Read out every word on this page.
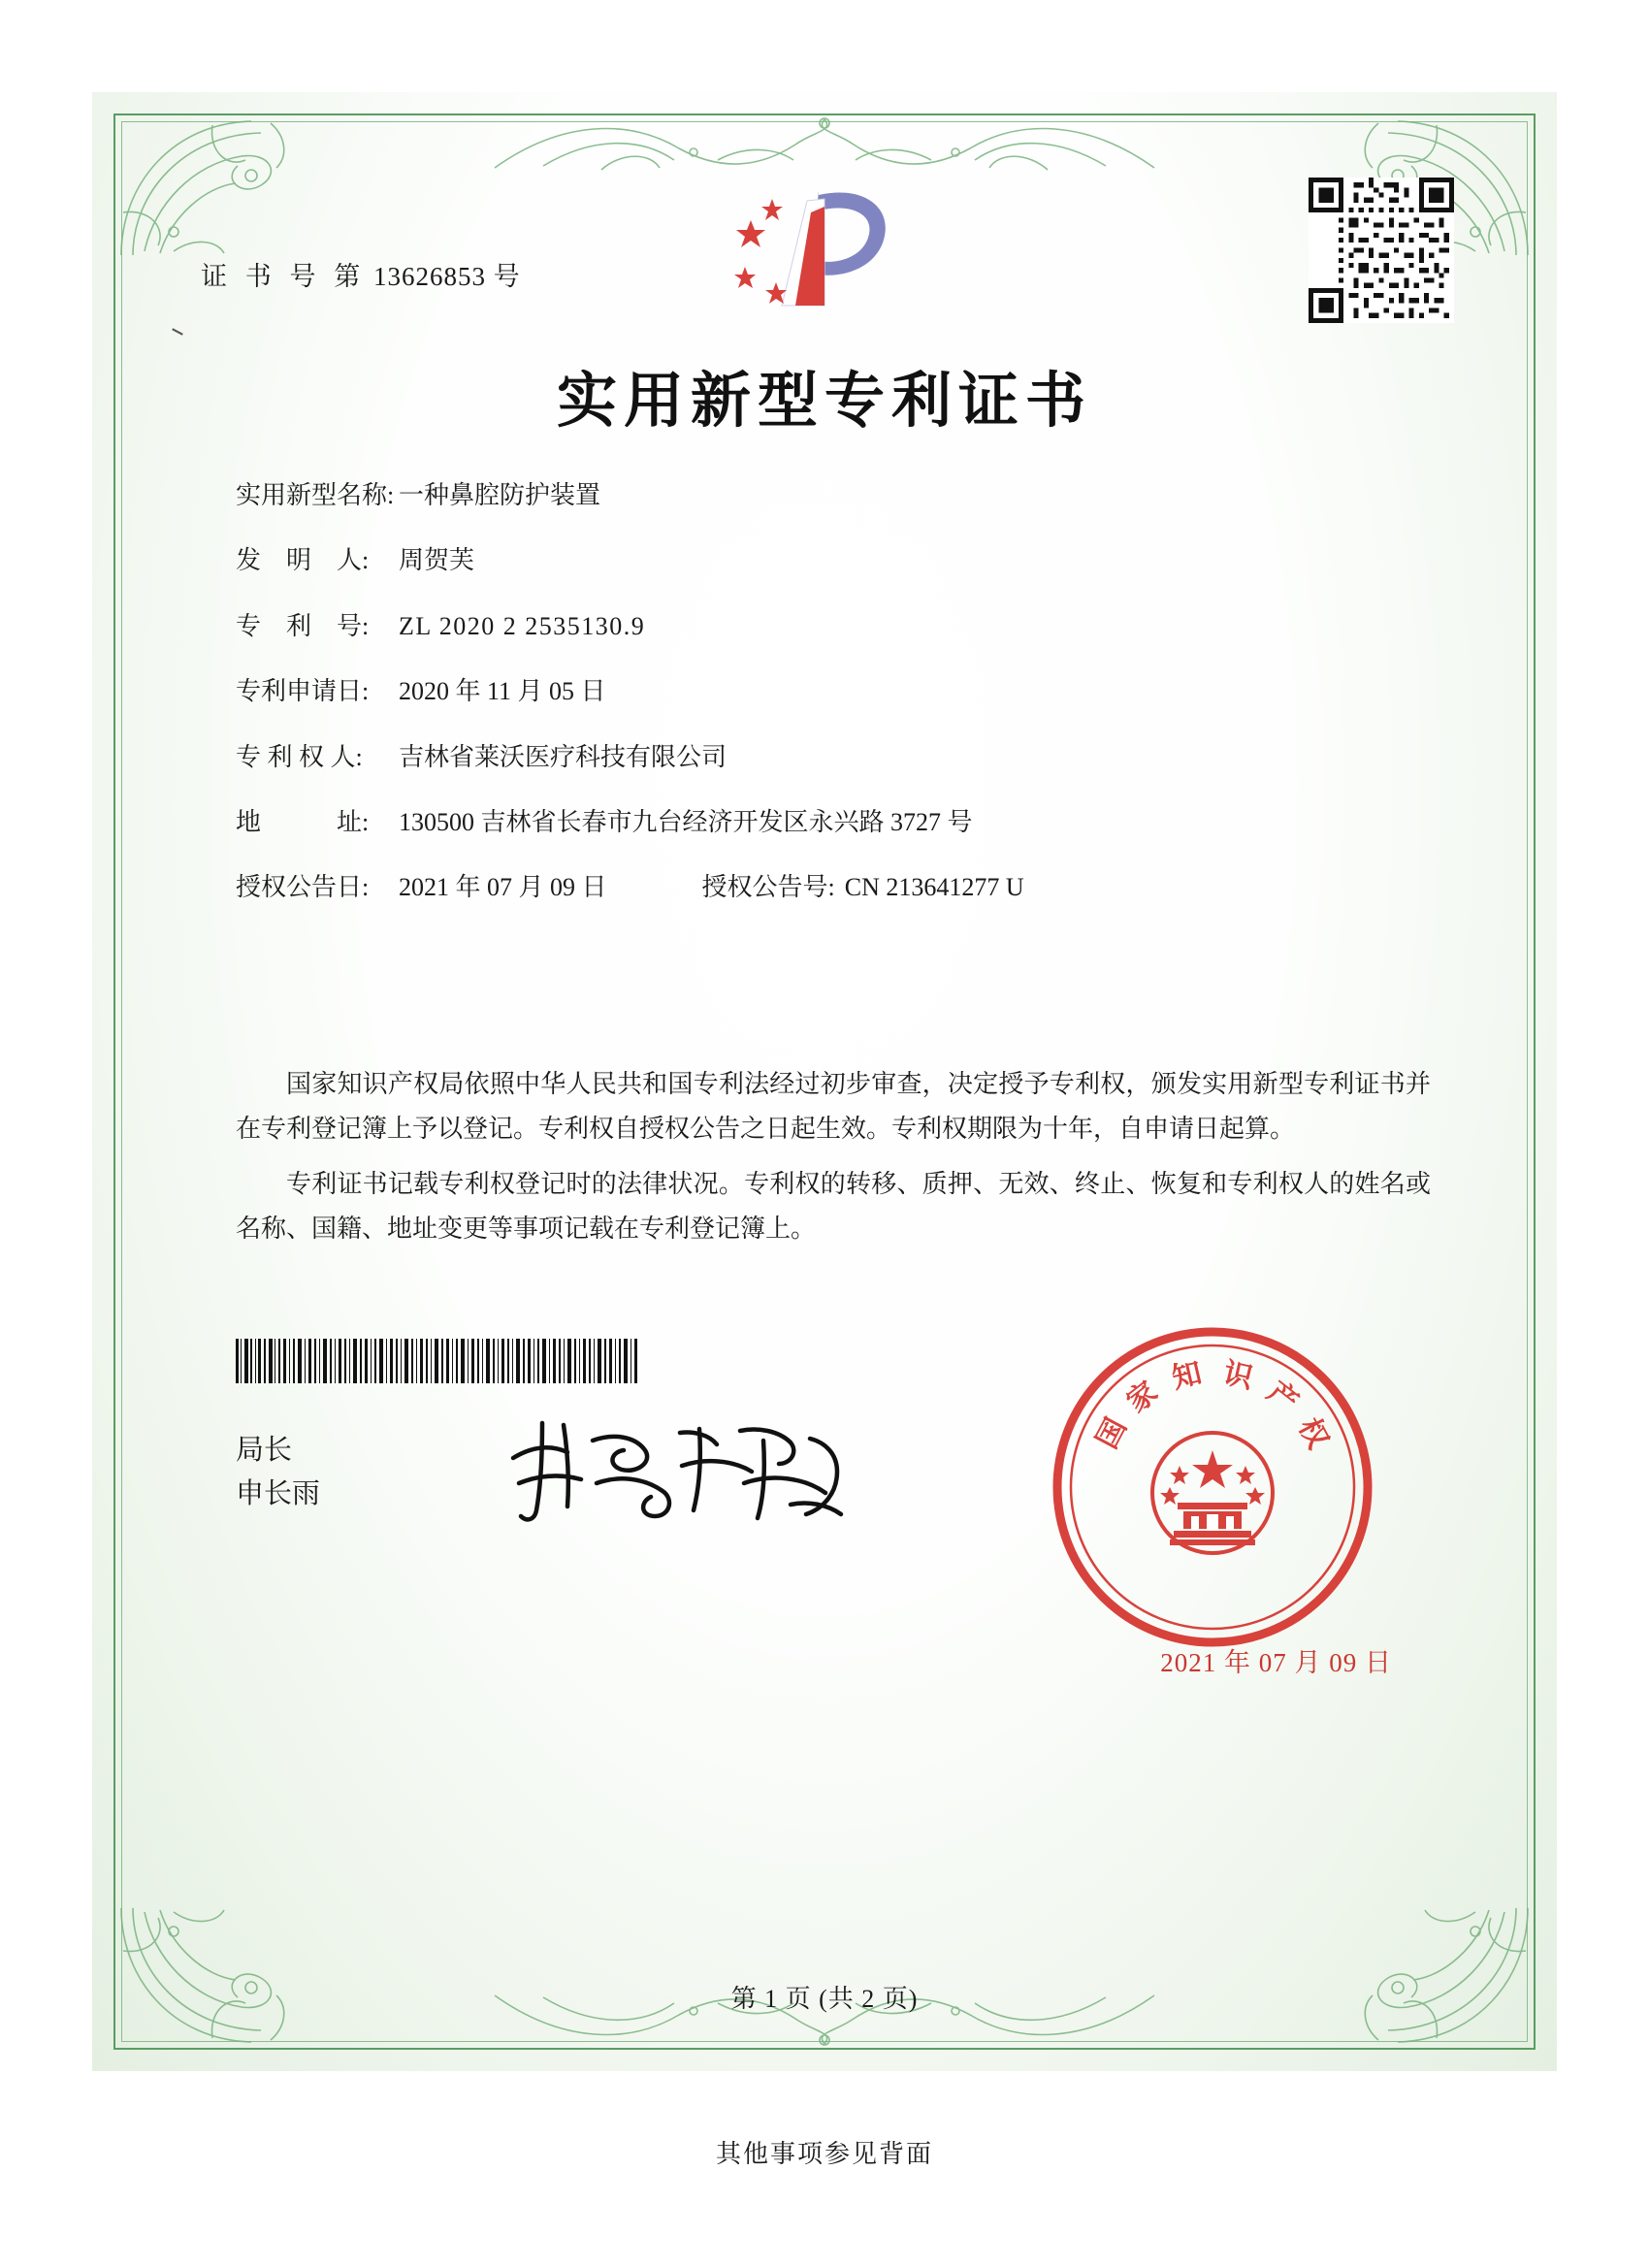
证 书 号 第 13626853 号
实用新型专利证书
实用新型名称: 一种鼻腔防护装置
发　明　人:	周贺芙
专　利　号:	ZL 2020 2 2535130.9
专利申请日:	2020 年 11 月 05 日
专 利 权 人:	吉林省莱沃医疗科技有限公司
地　　　址:	130500 吉林省长春市九台经济开发区永兴路 3727 号
授权公告日:	2021 年 07 月 09 日	授权公告号: CN 213641277 U

国家知识产权局依照中华人民共和国专利法经过初步审查，决定授予专利权，颁发实用新型专利证书并在专利登记簿上予以登记。专利权自授权公告之日起生效。专利权期限为十年，自申请日起算。

专利证书记载专利权登记时的法律状况。专利权的转移、质押、无效、终止、恢复和专利权人的姓名或名称、国籍、地址变更等事项记载在专利登记簿上。

局长
申长雨
国
家 知 识 产
权
2021 年 07 月 09 日
第 1 页 (共 2 页)
其他事项参见背面
